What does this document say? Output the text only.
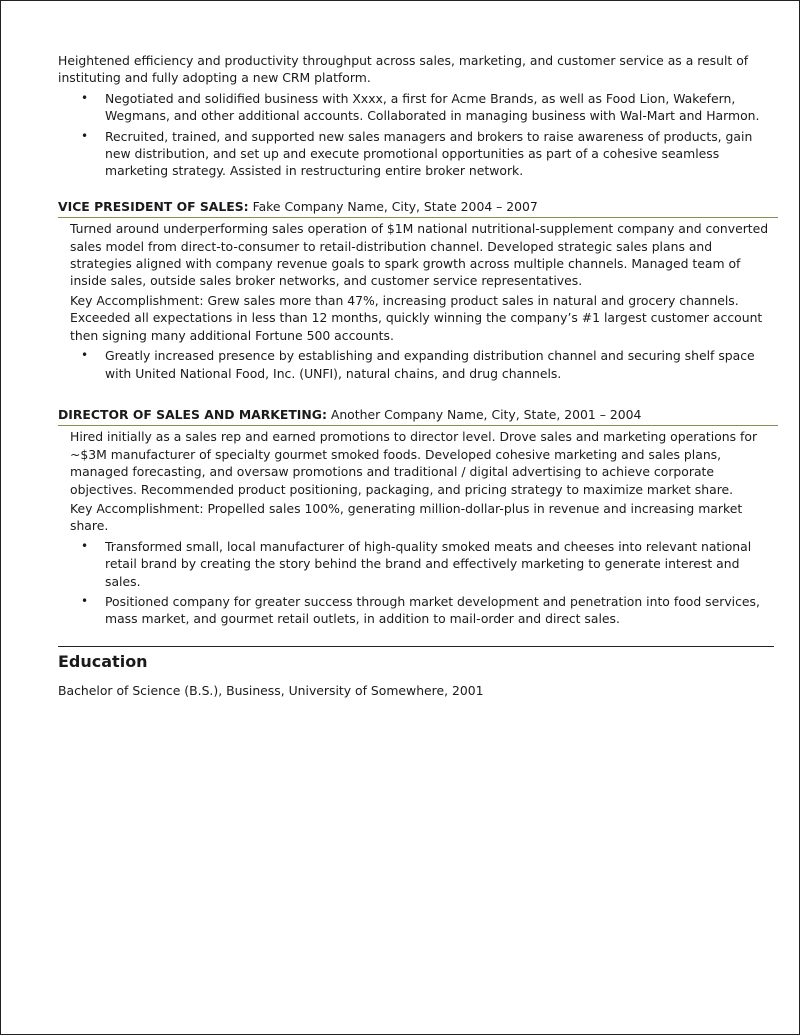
Heightened efficiency and productivity throughput across sales, marketing, and customer service as a result of instituting and fully adopting a new CRM platform.

• Negotiated and solidified business with Xxxx, a first for Acme Brands, as well as Food Lion, Wakefern, Wegmans, and other additional accounts. Collaborated in managing business with Wal-Mart and Harmon.
• Recruited, trained, and supported new sales managers and brokers to raise awareness of products, gain new distribution, and set up and execute promotional opportunities as part of a cohesive seamless marketing strategy. Assisted in restructuring entire broker network.
VICE PRESIDENT OF SALES: Fake Company Name, City, State 2004 – 2007

Turned around underperforming sales operation of $1M national nutritional-supplement company and converted sales model from direct-to-consumer to retail-distribution channel. Developed strategic sales plans and strategies aligned with company revenue goals to spark growth across multiple channels. Managed team of inside sales, outside sales broker networks, and customer service representatives.

Key Accomplishment: Grew sales more than 47%, increasing product sales in natural and grocery channels. Exceeded all expectations in less than 12 months, quickly winning the company’s #1 largest customer account then signing many additional Fortune 500 accounts.

• Greatly increased presence by establishing and expanding distribution channel and securing shelf space with United National Food, Inc. (UNFI), natural chains, and drug channels.
DIRECTOR OF SALES AND MARKETING: Another Company Name, City, State, 2001 – 2004

Hired initially as a sales rep and earned promotions to director level. Drove sales and marketing operations for ~$3M manufacturer of specialty gourmet smoked foods. Developed cohesive marketing and sales plans, managed forecasting, and oversaw promotions and traditional / digital advertising to achieve corporate objectives. Recommended product positioning, packaging, and pricing strategy to maximize market share.

Key Accomplishment: Propelled sales 100%, generating million-dollar-plus in revenue and increasing market share.

• Transformed small, local manufacturer of high-quality smoked meats and cheeses into relevant national retail brand by creating the story behind the brand and effectively marketing to generate interest and sales.
• Positioned company for greater success through market development and penetration into food services, mass market, and gourmet retail outlets, in addition to mail-order and direct sales.
Education

Bachelor of Science (B.S.), Business, University of Somewhere, 2001
